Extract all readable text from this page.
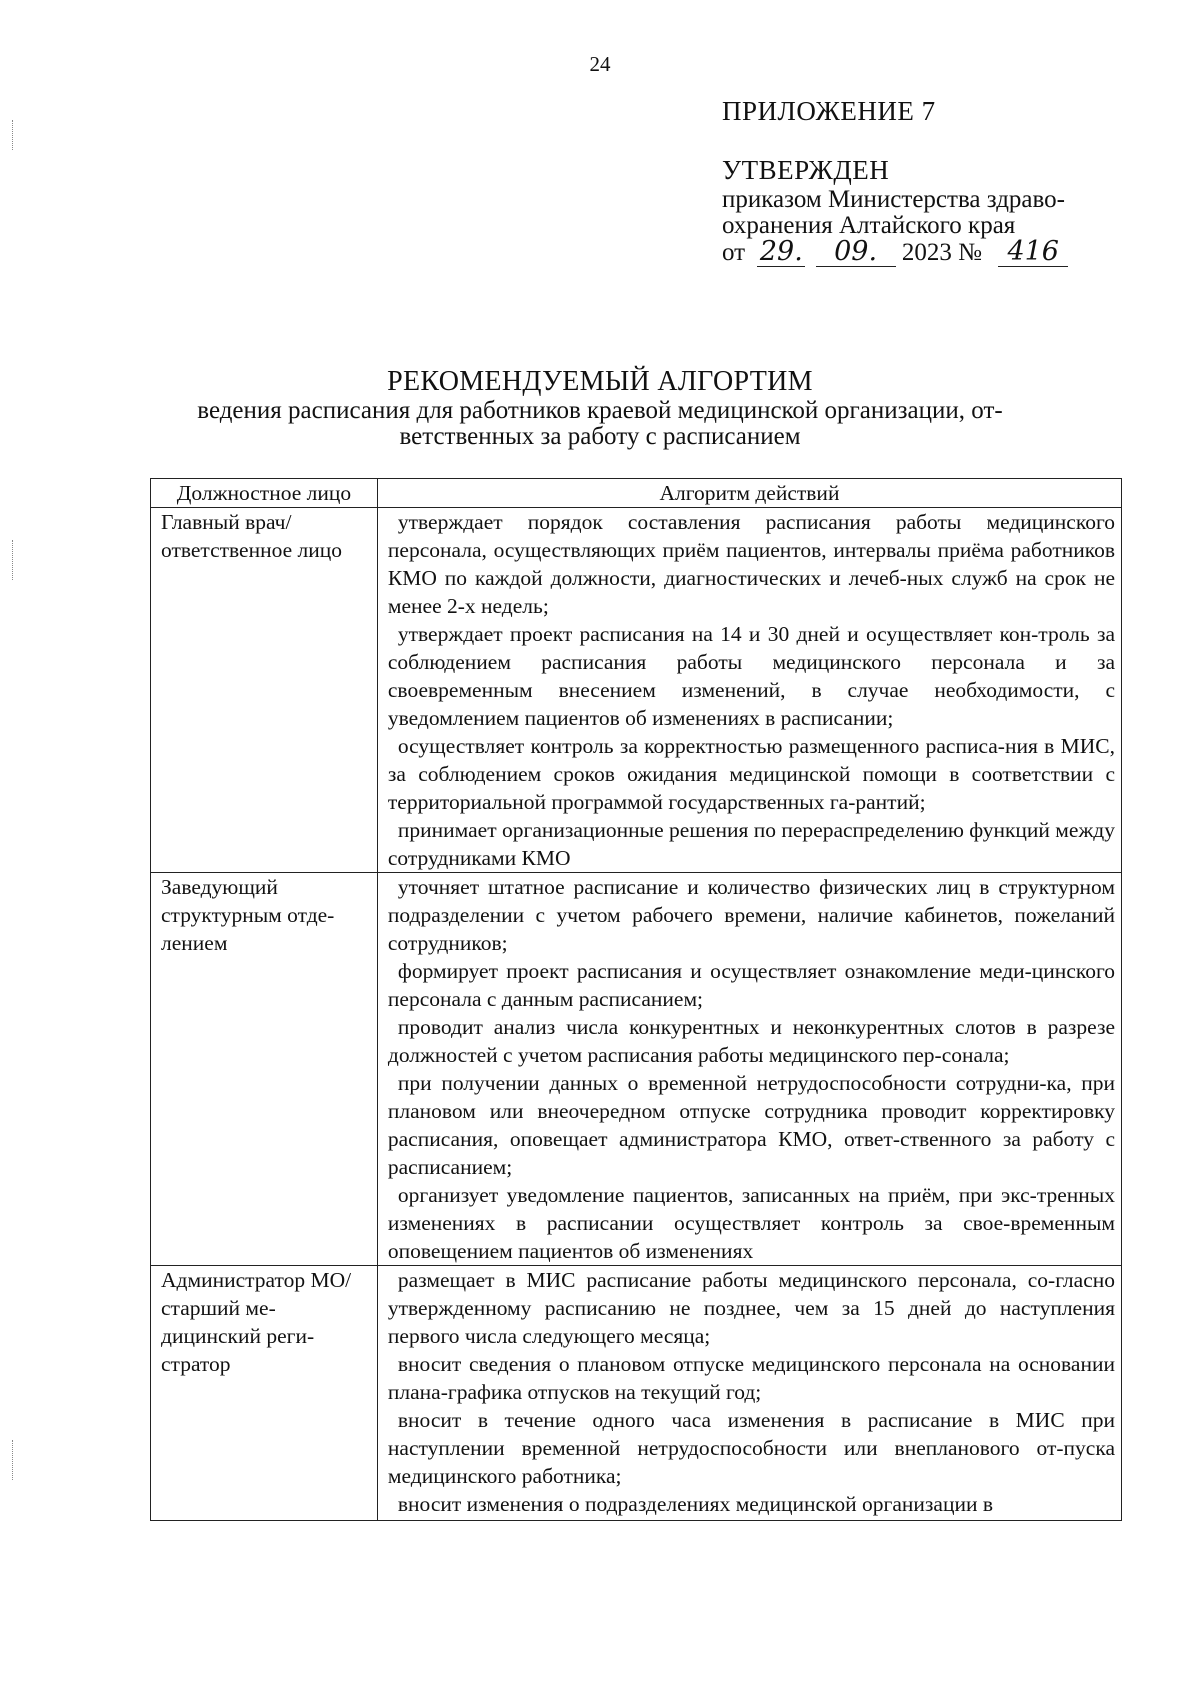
24
ПРИЛОЖЕНИЕ 7
УТВЕРЖДЕН
приказом Министерства здраво-
охранения Алтайского края
от 29. 09. 2023 № 416
РЕКОМЕНДУЕМЫЙ АЛГОРТИМ
ведения расписания для работников краевой медицинской организации, от-ветственных за работу с расписанием
Должностное лицо	Алгоритм действий
Главный врач/ответственное лицо	утверждает порядок составления расписания работы медицинского персонала, осуществляющих приём пациентов, интервалы приёма работников КМО по каждой должности, диагностических и лечеб-ных служб на срок не менее 2-х недель;

утверждает проект расписания на 14 и 30 дней и осуществляет кон-троль за соблюдением расписания работы медицинского персонала и за своевременным внесением изменений, в случае необходимости, с уведомлением пациентов об изменениях в расписании;

осуществляет контроль за корректностью размещенного расписа-ния в МИС, за соблюдением сроков ожидания медицинской помощи в соответствии с территориальной программой государственных га-рантий;

принимает организационные решения по перераспределению функций между сотрудниками КМО

Заведующий структурным отде-лением	уточняет штатное расписание и количество физических лиц в структурном подразделении с учетом рабочего времени, наличие кабинетов, пожеланий сотрудников;

формирует проект расписания и осуществляет ознакомление меди-цинского персонала с данным расписанием;

проводит анализ числа конкурентных и неконкурентных слотов в разрезе должностей с учетом расписания работы медицинского пер-сонала;

при получении данных о временной нетрудоспособности сотрудни-ка, при плановом или внеочередном отпуске сотрудника проводит корректировку расписания, оповещает администратора КМО, ответ-ственного за работу с расписанием;

организует уведомление пациентов, записанных на приём, при экс-тренных изменениях в расписании осуществляет контроль за свое-временным оповещением пациентов об изменениях

Администратор МО/старший ме-дицинский реги-стратор	размещает в МИС расписание работы медицинского персонала, со-гласно утвержденному расписанию не позднее, чем за 15 дней до наступления первого числа следующего месяца;

вносит сведения о плановом отпуске медицинского персонала на основании плана-графика отпусков на текущий год;

вносит в течение одного часа изменения в расписание в МИС при наступлении временной нетрудоспособности или внепланового от-пуска медицинского работника;

вносит изменения о подразделениях медицинской организации в
